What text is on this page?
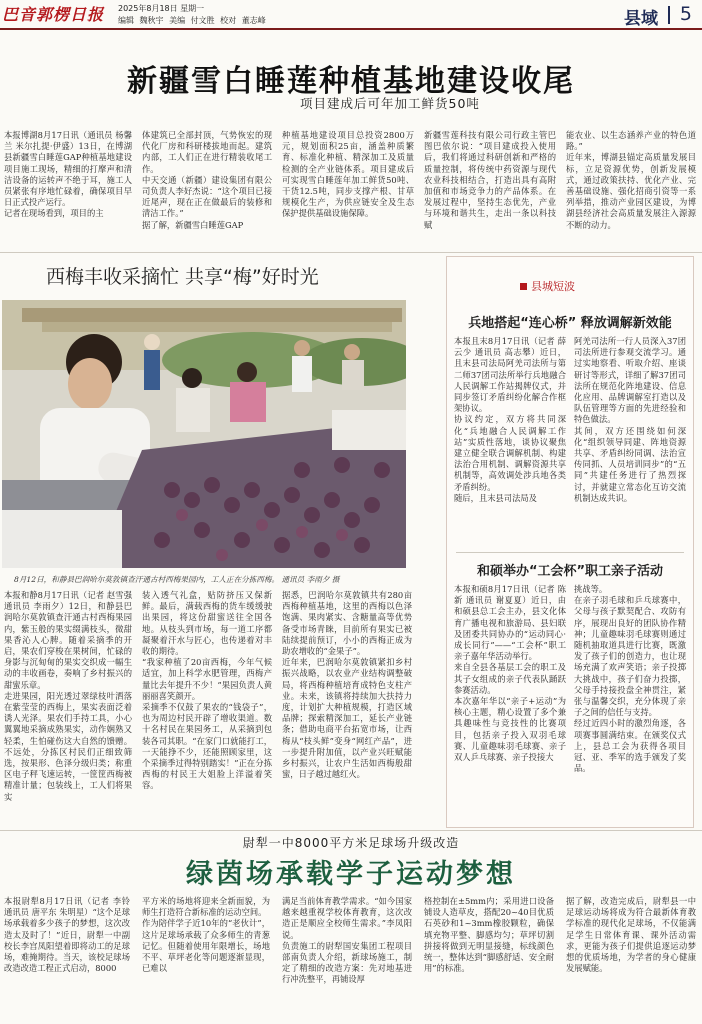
巴音郭楞日报 2025年8月18日 星期一
编辑 魏秋宇 美编 付文胜 校对 董志峰	县域 5
新疆雪白睡莲种植基地建设收尾
项目建成后可年加工鲜货50吨
本报博湖8月17日讯（通讯员 杨馨兰 米尔扎提·伊盛）13日，在博湖县新疆雪白睡莲GAP种植基地建设项目施工现场，精细的打摩声和清洁设备的运转声不绝于耳，施工人员紧张有序地忙碌着，确保项目早日正式投产运行。
记者在现场看到，项目的主
体建筑已全部封顶，气势恢宏的现代化厂房和科研楼拔地而起。建筑内部，工人们正在进行精装收尾工作。
中天交通（新疆）建设集团有限公司负责人李好杰说：“这个项目已接近尾声，现在正在做最后的装修和清洁工作。”
据了解，新疆雪白睡莲GAP
种植基地建设项目总投资2800万元，规划面积25亩，涵盖种质繁育、标准化种植、精深加工及质量检测的全产业链体系。项目建成后可实现雪白睡莲年加工鲜货50吨、干货12.5吨，同步支撑产根、甘草规模化生产，为供应链安全及生态保护提供基础设施保障。
新疆雪莲科技有限公司行政主管巴图巴依尔说：“项目建成投入使用后，我们将通过科研创新和严格的质量控制，将传统中药资源与现代农业科技相结合，打造出具有高附加值和市场竞争力的产品体系。在发展过程中，坚持生态优先，产业与环境和谐共生，走出一条以科技赋
能农业、以生态涵养产业的特色道路。”
近年来，博湖县锚定高质量发展目标，立足资源优势，创新发展模式，通过政策扶持、优化产业、完善基础设施、强化招商引资等一系列举措，推动产业园区建设，为博湖县经济社会高质量发展注入源源不断的动力。
西梅丰收采摘忙 共享“梅”好时光
8月12日，和静县巴润哈尔莫敦镇查汗通古村西梅果园内，工人正在分拣西梅。 通讯员 李雨夕 摄
本报和静8月17日讯（记者 赵雪强 通讯员 李雨夕）12日，和静县巴润哈尔莫敦镇查汗通古村西梅果园内，紫玉般的果实缀满枝头，微甜果香沁人心脾。随着采摘季的开启，果农们穿梭在果树间，忙碌的身影与沉甸甸的果实交织成一幅生动的丰收画卷，奏响了乡村振兴的甜蜜乐章。
走进果园，阳光透过翠绿枝叶洒落在紫莹莹的西梅上，果实表面泛着诱人光泽。果农们手持工具，小心翼翼地采摘成熟果实，动作娴熟又轻柔，生怕碰伤这大自然的馈赠。不远处，分拣区村民们正细致筛选，按果形、色泽分级归类；称重区电子秤飞速运转，一筐筐西梅被精准计量；包装线上，工人们将果实
装入透气礼盒，贴防挤压又保新鲜。最后，满载西梅的货车缓缓驶出果园，将这份甜蜜送往全国各地。从枝头到市场，每一道工序都凝聚着汗水与匠心，也传递着对丰收的期待。
“我家种植了20亩西梅，今年气候适宜，加上科学水肥管理，西梅产量比去年提升不少！”果园负责人黄丽丽喜笑颜开。
采摘季不仅鼓了果农的“钱袋子”，也为周边村民开辟了增收渠道。数十名村民在果园务工，从采摘到包装各司其职。“在家门口就能打工，一天能挣不少，还能照顾家里，这个采摘季过得特别踏实！”正在分拣西梅的村民王大姐脸上洋溢着笑容。
据悉，巴润哈尔莫敦镇共有280亩西梅种植基地，这里的西梅以色泽饱满、果肉紧实、含糖量高等优势备受市场青睐，目前所有果实已被陆续提前预订，小小的西梅正成为助农增收的“金果子”。
近年来，巴润哈尔莫敦镇紧扣乡村振兴战略，以农业产业结构调整破局，将西梅种植培育成特色支柱产业。未来，该镇将持续加大扶持力度，计划扩大种植规模，打造区域品牌；探索精深加工，延长产业链条；借助电商平台拓宽市场，让西梅从“枝头鲜”变身“网红产品”，进一步提升附加值，以产业兴旺赋能乡村振兴，让农户生活如西梅般甜蜜，日子越过越红火。
县城短波
兵地搭起“连心桥” 释放调解新效能
本报且末8月17日讯（记者 薛云少 通讯员 高志攀）近日，且末县司法局阿羌司法所与第二师37团司法所举行兵地融合人民调解工作站揭牌仪式，并同步签订矛盾纠纷化解合作框架协议。
协议约定，双方将共同深化“兵地融合人民调解工作站”实质性落地，谈协议聚焦建立健全联合调解机制、构建法治合用机制、调解资源共享机制等，高效调处涉兵地各类矛盾纠纷。
随后，且末县司法局及
阿羌司法所一行人员深入37团司法所进行参观交流学习。通过实地察看、听取介绍、座谈研讨等形式，详细了解37团司法所在规范化阵地建设、信息化应用、品牌调解室打造以及队伍管理等方面的先进经验和特色做法。
其间，双方还围绕如何深化“组织领导同建、阵地资源共享、矛盾纠纷同调、法治宣传同抓、人员培训同步”的“五同”共建任务进行了热烈探讨，并就建立常态化互访交流机制达成共识。
和硕举办“工会杯”职工亲子活动
本报和硕8月17日讯（记者 陈新 通讯员 谢夏夏）近日，由和硕县总工会主办，县文化体育广播电视和旅游局、县妇联及团委共同协办的“运动同心·成长同行”——“工会杯”职工亲子嘉年华活动举行。
来自全县各基层工会的职工及其子女组成的亲子代表队踊跃参赛活动。
本次嘉年华以“亲子+运动”为核心主题，精心设置了多个兼具趣味性与竞技性的比赛项目，包括亲子投入双羽毛球赛、儿童趣味羽毛球赛、亲子双人乒乓球赛、亲子投接大
挑战等。
在亲子羽毛球和乒乓球赛中，父母与孩子默契配合、攻防有序，展现出良好的团队协作精神；儿童趣味羽毛球赛则通过随机抽取道具进行比赛，既激发了孩子们的创造力，也让现场充满了欢声笑语；亲子投掷大挑战中，孩子们奋力投掷，父母手持接投盘全神贯注，紧张与温馨交织，充分体现了亲子之间的信任与支持。
经过近四小时的激烈角逐，各项赛事圆满结束。在颁奖仪式上，县总工会为获得各项目冠、亚、季军的选手颁发了奖品。
尉犁一中8000平方米足球场升级改造
绿茵场承载学子运动梦想
本报尉犁8月17日讯（记者 李铃 通讯员 唐平东 朱明星）“这个足球场承载着多少孩子的梦想，这次改造太及时了！”近日，尉犁一中副校长李宫凤阳望着即将动工的足球场，难掩期待。当天，该校足球场改造改造工程正式启动，8000
平方米的场地将迎来全新面貌，为师生打造符合新标准的运动空间。
作为陪伴学子近10年的“老伙计”，这片足球场承载了众多师生的青葱记忆。但随着使用年限增长，场地不平、草坪老化等问题逐渐显现，已难以
满足当前体育教学需求。“如今国家越来越重视学校体育教育，这次改造正是顺应全校师生需求。”李凤阳说。
负责施工的尉犁国安集团工程项目部南负责人介绍，新球场施工，制定了精细的改造方案：先对地基进行冲洗整平，再铺设厚
格控制在±5mm内；采用进口设备铺设人造草皮，搭配20~40目优质石英砂和1~3mm橡胶颗粒，确保填充物平整、脚感均匀；草坪切割拼接将做到无明显接缝，标线颜色统一，整体达到“脚感舒适、安全耐用”的标准。
据了解，改造完成后，尉犁县一中足球运动场将成为符合最新体育教学标准的现代化足球场，不仅能满足学生日常体育课、课外活动需求，更能为孩子们提供追逐运动梦想的优质场地，为学者的身心健康发展赋能。
